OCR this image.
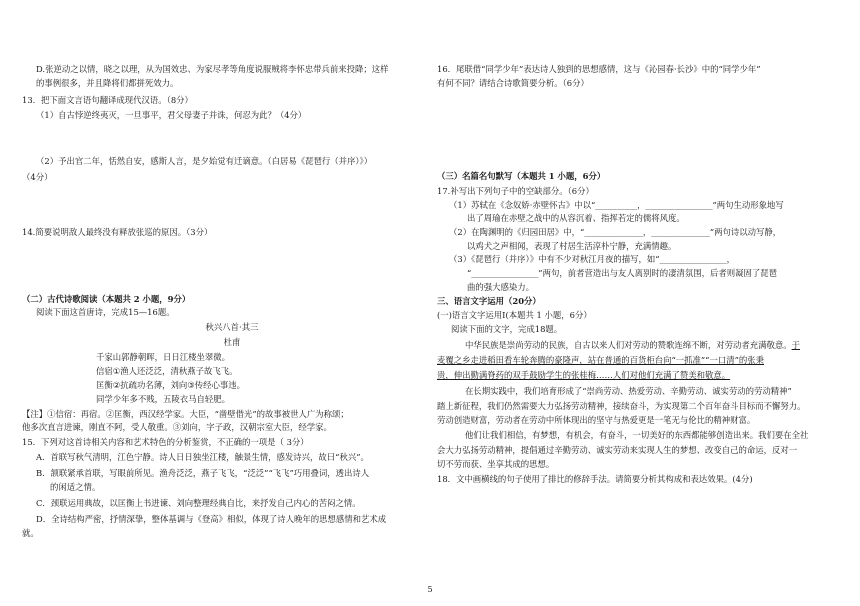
D.张逆动之以情，晓之以理，从为国效忠、为家尽孝等角度说服贼将李怀忠带兵前来投降；这样
的事例很多，并且降将们都拼死效力。
13．把下面文言语句翻译成现代汉语。（8分）
（1）自古悖逆终夷灭，一旦事平，君父母妻子并诛，何忍为此？（4分）
（2）予出官二年，恬然自安，感斯人言，是夕始觉有迁谪意。（白居易《琵琶行（并序）》）
（4分）
14.简要说明敌人最终没有释放张巡的原因。（3分）
（二）古代诗歌阅读（本题共 2 小题，9分）
阅读下面这首唐诗，完成15—16题。
秋兴八首·其三
杜甫
千家山郭静朝晖，日日江楼坐翠微。
信宿①渔人还泛泛，清秋燕子故飞飞。
匡衡②抗疏功名薄，刘向③传经心事违。
同学少年多不贱，五陵衣马自轻肥。
【注】①信宿：再宿。②匡衡，西汉经学家。大臣，“凿壁借光”的故事被世人广为称颂；
他多次直言进谏，刚直不阿，受人敬重。③刘向，字子政，汉朝宗室大臣，经学家。
15．下列对这首诗相关内容和艺术特色的分析鉴赏，不正确的一项是（ 3分）
A．首联写秋气清明，江色宁静。诗人日日独坐江楼，触景生情，感发诗兴，故曰“秋兴”。
B．颔联紧承首联，写眼前所见。渔舟泛泛，燕子飞飞，“泛泛”“飞飞”巧用叠词，透出诗人
的闲适之情。
C．颈联运用典故，以匡衡上书进谏、刘向整理经典自比，来抒发自己内心的苦闷之情。
D．全诗结构严密，抒情深挚，整体基调与《登高》相似，体现了诗人晚年的思想感情和艺术成
就。
16．尾联借“同学少年”表达诗人独到的思想感情，这与《沁园春·长沙》中的“同学少年”
有何不同？请结合诗歌简要分析。（6分）
（三）名篇名句默写（本题共 1 小题，6分）
17.补写出下列句子中的空缺部分。（6分）
（1）苏轼在《念奴娇·赤壁怀古》中以“__________，________________”两句生动形象地写
出了周瑜在赤壁之战中的从容沉着、指挥若定的儒将风度。
（2）在陶渊明的《归园田居》中，“______________，______________”两句诗以动写静，
以鸡犬之声相闻，表现了村居生活淳朴宁静，充满情趣。
（3）《琵琶行（并序）》中有不少对秋江月夜的描写，如“________________，
“________________”两句，前者营造出与友人离别时的凄清氛围，后者则凝固了琵琶
曲的强大感染力。
三、语言文字运用（20分）
(一)语言文字运用Ⅰ(本题共 1 小题，6分）
阅读下面的文字，完成18题。
中华民族是崇尚劳动的民族，自古以来人们对劳动的赞歌连绵不断，对劳动者充满敬意。于
麦覆之乡走进稻田看车轮奔腾的豪隆声，站在普通的百货柜台向“一抓准”“一口清”的张秉
贵，伸出勤满脊药的双手鼓励学生的张桂梅……人们对他们充满了赞美和敬意。
在长期实践中，我们培育形成了“崇尚劳动、热爱劳动、辛勤劳动、诚实劳动的劳动精神”
踏上新征程，我们仍然需要大力弘扬劳动精神，接续奋斗，为实现第二个百年奋斗目标而不懈努力。
劳动创造财富，劳动者在劳动中所体现出的坚守与热爱更是一笔无与伦比的精神财富。
他们让我们相信，有梦想，有机会，有奋斗，一切美好的东西都能够创造出来。我们要在全社
会大力弘扬劳动精神，提倡通过辛勤劳动、诚实劳动来实现人生的梦想、改变自己的命运，反对一
切不劳而获、坐享其成的思想。
18．文中画横线的句子使用了排比的修辞手法。请简要分析其构成和表达效果。(4分)
5
